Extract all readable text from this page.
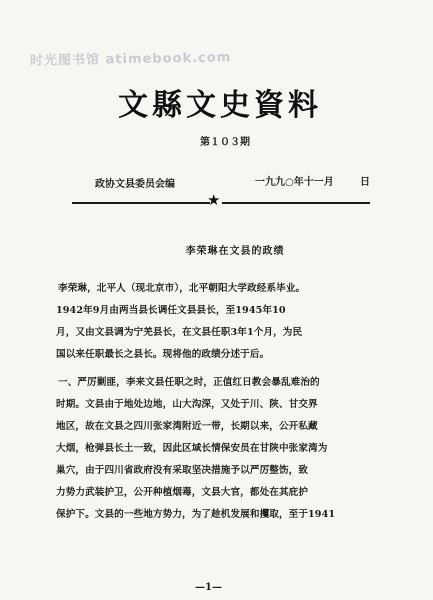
时光图书馆 atimebook.com
文縣文史資料
第１０３期
政协文县委员会编	一九九○年十一月	日
★
李荣琳在文县的政绩
李荣琳，北平人（现北京市），北平朝阳大学政经系毕业。
1942年9月由两当县长调任文县县长，至1945年10
月，又由文县调为宁羌县长，在文县任职3年1个月，为民
国以来任职最长之县长。现将他的政绩分述于后。
一、严厉剿匪，李来文县任职之时，正值红日教会暴乱难治的
时期。文县由于地处边地，山大沟深，又处于川、陕、甘交界
地区，故在文县之四川张家湾附近一带，长期以来，公开私藏
大烟，枪弹县长土一致，因此区域长情保安员在甘陕中张家湾为
巢穴，由于四川省政府没有采取坚决措施予以严厉整饬，致
力势力武装护卫，公开种植烟毒，文县大官，都处在其庇护
保护下。文县的一些地方势力，为了趁机发展和攫取，至于1941
—1—
